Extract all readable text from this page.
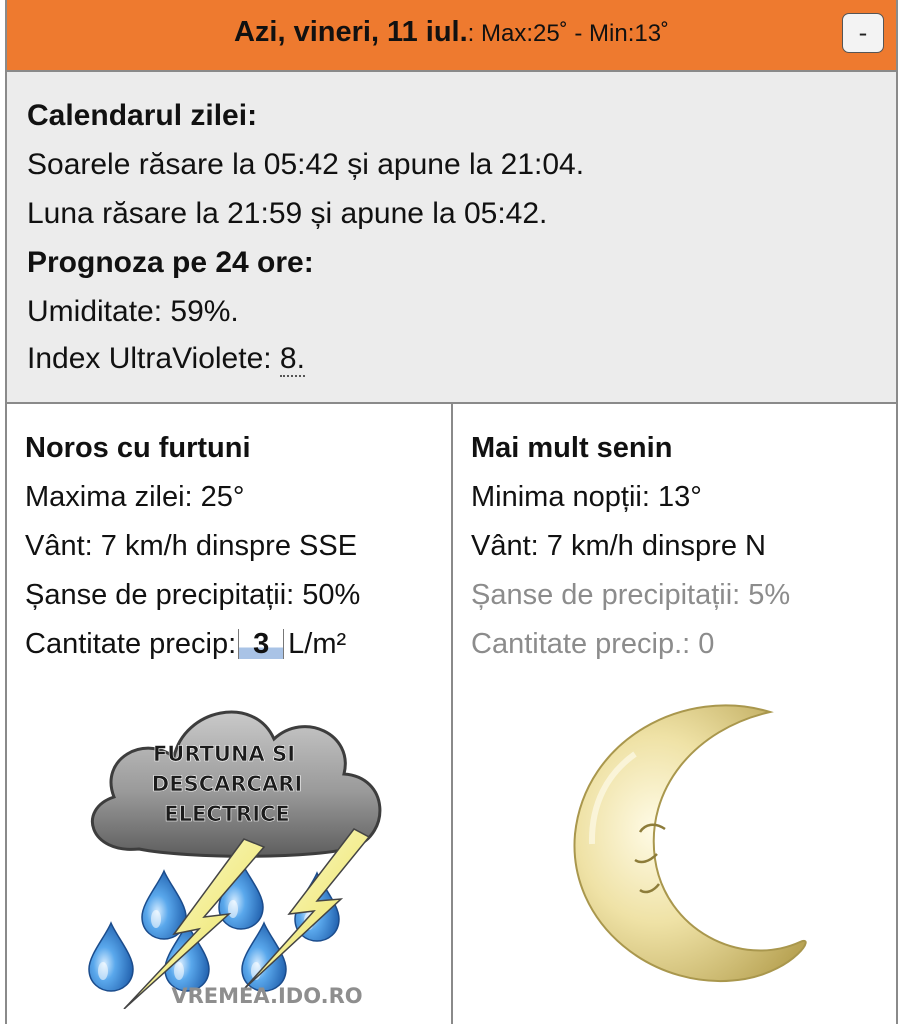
Azi, vineri, 11 iul.: Max:25˚ - Min:13˚	-
Calendarul zilei:
Soarele răsare la 05:42 și apune la 21:04.
Luna răsare la 21:59 și apune la 05:42.
Prognoza pe 24 ore:
Umiditate: 59%.
Index UltraViolete: 8.
Noros cu furtuni
Maxima zilei: 25°
Vânt: 7 km/h dinspre SSE
Șanse de precipitații: 50%
Cantitate precip: 3 L/m²
FURTUNA SI
DESCARCARI
ELECTRICE
VREMEA.IDO.RO
Mai mult senin
Minima nopții: 13°
Vânt: 7 km/h dinspre N
Șanse de precipitații: 5%
Cantitate precip.: 0
